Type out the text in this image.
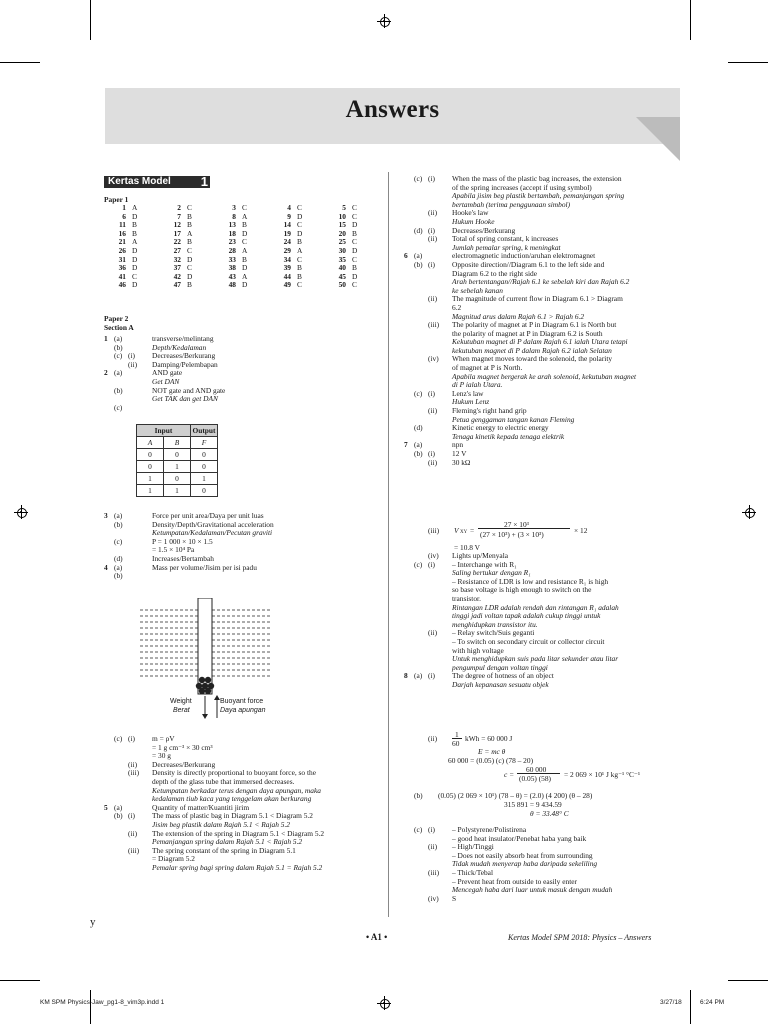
Answers
Kertas Model 1
Paper 1
1 A	2 C	3 C	4 C	5 C
6 D	7 B	8 A	9 D	10 C
11 B	12 B	13 B	14 C	15 D
16 B	17 A	18 D	19 D	20 B
21 A	22 B	23 C	24 B	25 C
26 D	27 C	28 A	29 A	30 D
31 D	32 D	33 B	34 C	35 C
36 D	37 C	38 D	39 B	40 B
41 C	42 D	43 A	44 B	45 D
46 D	47 B	48 D	49 C	50 C
Paper 2
Section A
1 (a)	transverse/melintang
(b)	Depth/Kedalaman
(c) (i) Decreases/Berkurang
(ii) Damping/Pelembapan
2 (a)	AND gate
Get DAN
(b)	NOT gate and AND gate
Get TAK dan get DAN
(c)
Input		Output
A	B	F
0	0	0
0	1	0
1	0	1
1	1	0
3 (a)	Force per unit area/Daya per unit luas
(b)	Density/Depth/Gravitational acceleration
Ketumpatan/Kedalaman/Pecutan graviti
(c)	P = 1 000 × 10 × 1.5
= 1.5 × 10⁴ Pa
(d)	Increases/Bertambah
4 (a)	Mass per volume/Jisim per isi padu
(b)
Weight
Berat
Buoyant force
Daya apungan
(c) (i) m = ρV
= 1 g cm⁻³ × 30 cm³
= 30 g
(ii) Decreases/Berkurang
(iii) Density is directly proportional to buoyant force, so the
depth of the glass tube that immersed decreases.
Ketumpatan berkadar terus dengan daya apungan, maka
kedalaman tiub kaca yang tenggelam akan berkurang
5 (a)	Quantity of matter/Kuantiti jirim
(b) (i) The mass of plastic bag in Diagram 5.1 < Diagram 5.2
Jisim beg plastik dalam Rajah 5.1 < Rajah 5.2
(ii) The extension of the spring in Diagram 5.1 < Diagram 5.2
Pemanjangan spring dalam Rajah 5.1 < Rajah 5.2
(iii) The spring constant of the spring in Diagram 5.1
= Diagram 5.2
Pemalar spring bagi spring dalam Rajah 5.1 = Rajah 5.2
(c) (i) When the mass of the plastic bag increases, the extension
of the spring increases (accept if using symbol)
Apabila jisim beg plastik bertambah, pemanjangan spring
bertambah (terima penggunaan simbol)
(ii) Hooke's law
Hukum Hooke
(d) (i) Decreases/Berkurang
(ii) Total of spring constant, k increases
Jumlah pemalar spring, k meningkat
6 (a)	electromagnetic induction/aruhan elektromagnet
(b) (i) Opposite direction//Diagram 6.1 to the left side and
Diagram 6.2 to the right side
Arah bertentangan//Rajah 6.1 ke sebelah kiri dan Rajah 6.2
ke sebelah kanan
(ii) The magnitude of current flow in Diagram 6.1 > Diagram
6.2
Magnitud arus dalam Rajah 6.1 > Rajah 6.2
(iii) The polarity of magnet at P in Diagram 6.1 is North but
the polarity of magnet at P in Diagram 6.2 is South
Kekutuban magnet di P dalam Rajah 6.1 ialah Utara tetapi
kekutuban magnet di P dalam Rajah 6.2 ialah Selatan
(iv) When magnet moves toward the solenoid, the polarity
of magnet at P is North.
Apabila magnet bergerak ke arah solenoid, kekutuban magnet
di P ialah Utara.
(c) (i) Lenz's law
Hukum Lenz
(ii) Fleming's right hand grip
Petua genggaman tangan kanan Fleming
(d)	Kinetic energy to electric energy
Tenaga kinetik kepada tenaga elektrik
7 (a)	npn
(b) (i) 12 V
(ii) 30 kΩ
(iii) V XY =
27 × 10³
(27 × 10³) + (3 × 10³)	× 12
= 10.8 V
(iv) Lights up/Menyala
(c) (i) – Interchange with R₁
Saling bertukar dengan R₁
– Resistance of LDR is low and resistance R₁ is high
so base voltage is high enough to switch on the
transistor.
Rintangan LDR adalah rendah dan rintangan R₁ adalah
tinggi jadi voltan tapak adalah cukup tinggi untuk
menghidupkan transistor itu.
(ii) – Relay switch/Suis geganti
– To switch on secondary circuit or collector circuit
with high voltage
Untuk menghidupkan suis pada litar sekunder atau litar
pengumpul dengan voltan tinggi
8 (a) (i) The degree of hotness of an object
Darjah kepanasan sesuatu objek
(ii) 1
60
kWh = 60 000 J
E = mc θ
60 000 = (0.05) (c) (78 – 20)
c =
60 000
(0.05) (58) = 2 069 × 10¹ J kg⁻¹ °C⁻¹
(b) (0.05) (2 069 × 10¹) (78 – θ) = (2.0) (4 200) (θ – 28)
315 891 = 9 434.59
θ = 33.48° C
(c) (i) – Polystyrene/Polistirena
– good heat insulator/Penebat haba yang baik
(ii) – High/Tinggi
– Does not easily absorb heat from surrounding
Tidak mudah menyerap haba daripada sekeliling
(iii) – Thick/Tebal
– Prevent heat from outside to easily enter
Mencegah haba dari luar untuk masuk dengan mudah
(iv) S
• A1 •	Kertas Model SPM 2018: Physics – Answers
y
KM SPM Physics-Jaw_pg1-8_vim3p.indd 1	3/27/18	6:24 PM
